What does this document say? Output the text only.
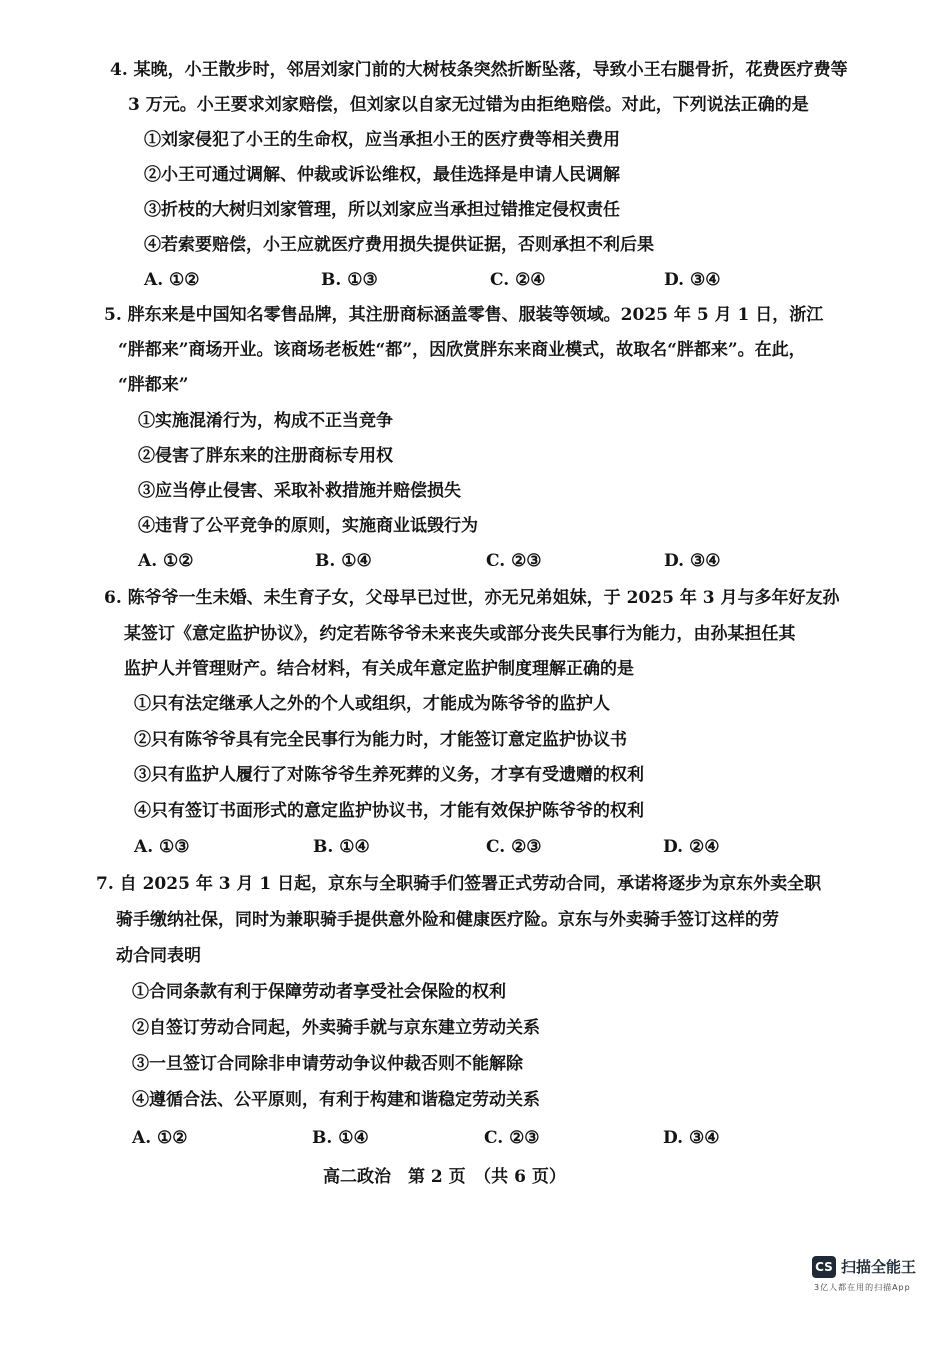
4. 某晚，小王散步时，邻居刘家门前的大树枝条突然折断坠落，导致小王右腿骨折，花费医疗费等
3 万元。小王要求刘家赔偿，但刘家以自家无过错为由拒绝赔偿。对此，下列说法正确的是
①刘家侵犯了小王的生命权，应当承担小王的医疗费等相关费用
②小王可通过调解、仲裁或诉讼维权，最佳选择是申请人民调解
③折枝的大树归刘家管理，所以刘家应当承担过错推定侵权责任
④若索要赔偿，小王应就医疗费用损失提供证据，否则承担不利后果
A. ①②	B. ①③	C. ②④	D. ③④
5. 胖东来是中国知名零售品牌，其注册商标涵盖零售、服装等领域。2025 年 5 月 1 日，浙江
“胖都来”商场开业。该商场老板姓“都”，因欣赏胖东来商业模式，故取名“胖都来”。在此，
“胖都来”
①实施混淆行为，构成不正当竞争
②侵害了胖东来的注册商标专用权
③应当停止侵害、采取补救措施并赔偿损失
④违背了公平竞争的原则，实施商业诋毁行为
A. ①②	B. ①④	C. ②③	D. ③④
6. 陈爷爷一生未婚、未生育子女，父母早已过世，亦无兄弟姐妹，于 2025 年 3 月与多年好友孙
某签订《意定监护协议》，约定若陈爷爷未来丧失或部分丧失民事行为能力，由孙某担任其
监护人并管理财产。结合材料，有关成年意定监护制度理解正确的是
①只有法定继承人之外的个人或组织，才能成为陈爷爷的监护人
②只有陈爷爷具有完全民事行为能力时，才能签订意定监护协议书
③只有监护人履行了对陈爷爷生养死葬的义务，才享有受遗赠的权利
④只有签订书面形式的意定监护协议书，才能有效保护陈爷爷的权利
A. ①③	B. ①④	C. ②③	D. ②④
7. 自 2025 年 3 月 1 日起，京东与全职骑手们签署正式劳动合同，承诺将逐步为京东外卖全职
骑手缴纳社保，同时为兼职骑手提供意外险和健康医疗险。京东与外卖骑手签订这样的劳
动合同表明
①合同条款有利于保障劳动者享受社会保险的权利
②自签订劳动合同起，外卖骑手就与京东建立劳动关系
③一旦签订合同除非申请劳动争议仲裁否则不能解除
④遵循合法、公平原则，有利于构建和谐稳定劳动关系
A. ①②	B. ①④	C. ②③	D. ③④
高二政治　第 2 页　（共 6 页）
CS 扫描全能王
3亿人都在用的扫描App
